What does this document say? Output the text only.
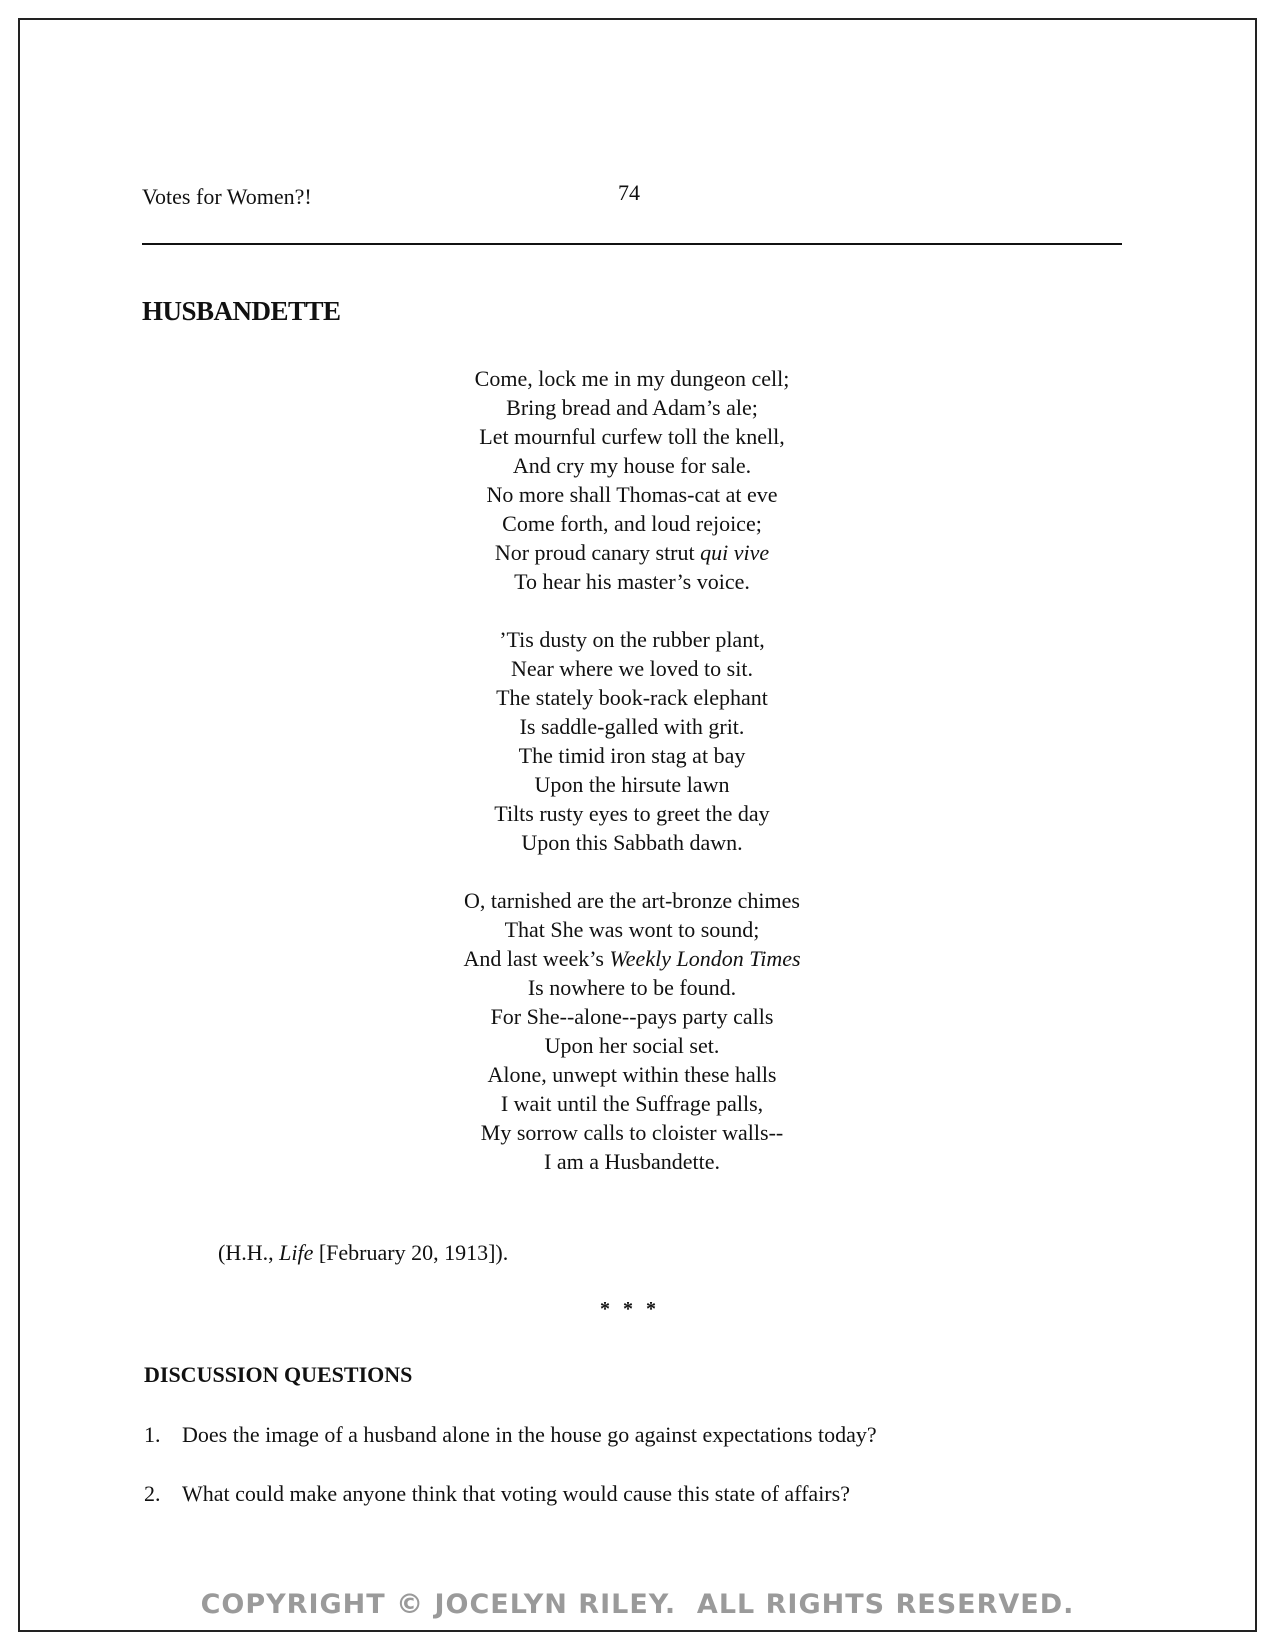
Votes for Women?!	74
HUSBANDETTE
Come, lock me in my dungeon cell;
Bring bread and Adam’s ale;
Let mournful curfew toll the knell,
And cry my house for sale.
No more shall Thomas-cat at eve
Come forth, and loud rejoice;
Nor proud canary strut qui vive
To hear his master’s voice.
’Tis dusty on the rubber plant,
Near where we loved to sit.
The stately book-rack elephant
Is saddle-galled with grit.
The timid iron stag at bay
Upon the hirsute lawn
Tilts rusty eyes to greet the day
Upon this Sabbath dawn.
O, tarnished are the art-bronze chimes
That She was wont to sound;
And last week’s Weekly London Times
Is nowhere to be found.
For She--alone--pays party calls
Upon her social set.
Alone, unwept within these halls
I wait until the Suffrage palls,
My sorrow calls to cloister walls--
I am a Husbandette.
(H.H., Life [February 20, 1913]).
* * *
DISCUSSION QUESTIONS
1. Does the image of a husband alone in the house go against expectations today?
2. What could make anyone think that voting would cause this state of affairs?
COPYRIGHT © JOCELYN RILEY.  ALL RIGHTS RESERVED.
